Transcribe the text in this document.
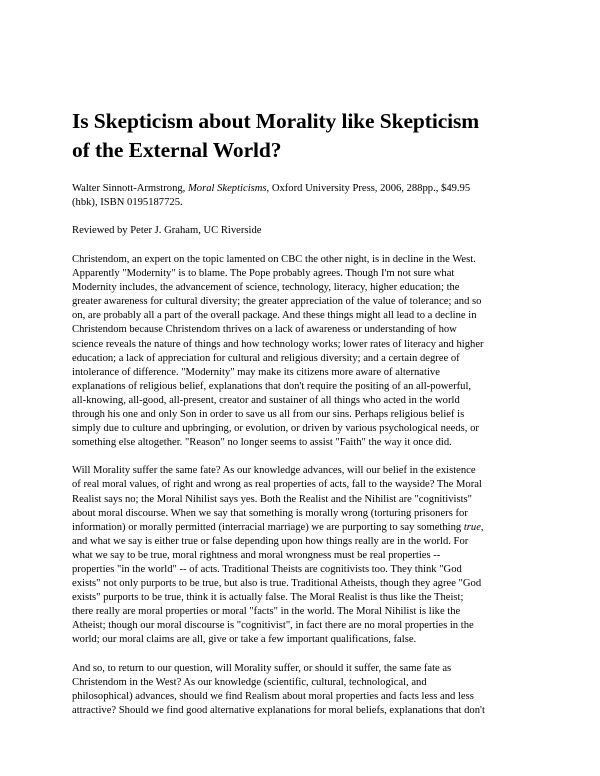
Is Skepticism about Morality like Skepticism
of the External World?
Walter Sinnott-Armstrong, Moral Skepticisms, Oxford University Press, 2006, 288pp., $49.95
(hbk), ISBN 0195187725.
Reviewed by Peter J. Graham, UC Riverside
Christendom, an expert on the topic lamented on CBC the other night, is in decline in the West.
Apparently "Modernity" is to blame. The Pope probably agrees. Though I'm not sure what
Modernity includes, the advancement of science, technology, literacy, higher education; the
greater awareness for cultural diversity; the greater appreciation of the value of tolerance; and so
on, are probably all a part of the overall package. And these things might all lead to a decline in
Christendom because Christendom thrives on a lack of awareness or understanding of how
science reveals the nature of things and how technology works; lower rates of literacy and higher
education; a lack of appreciation for cultural and religious diversity; and a certain degree of
intolerance of difference. "Modernity" may make its citizens more aware of alternative
explanations of religious belief, explanations that don't require the positing of an all-powerful,
all-knowing, all-good, all-present, creator and sustainer of all things who acted in the world
through his one and only Son in order to save us all from our sins. Perhaps religious belief is
simply due to culture and upbringing, or evolution, or driven by various psychological needs, or
something else altogether. "Reason" no longer seems to assist "Faith" the way it once did.
Will Morality suffer the same fate? As our knowledge advances, will our belief in the existence
of real moral values, of right and wrong as real properties of acts, fall to the wayside? The Moral
Realist says no; the Moral Nihilist says yes. Both the Realist and the Nihilist are "cognitivists"
about moral discourse. When we say that something is morally wrong (torturing prisoners for
information) or morally permitted (interracial marriage) we are purporting to say something true,
and what we say is either true or false depending upon how things really are in the world. For
what we say to be true, moral rightness and moral wrongness must be real properties --
properties "in the world" -- of acts. Traditional Theists are cognitivists too. They think "God
exists" not only purports to be true, but also is true. Traditional Atheists, though they agree "God
exists" purports to be true, think it is actually false. The Moral Realist is thus like the Theist;
there really are moral properties or moral "facts" in the world. The Moral Nihilist is like the
Atheist; though our moral discourse is "cognitivist", in fact there are no moral properties in the
world; our moral claims are all, give or take a few important qualifications, false.
And so, to return to our question, will Morality suffer, or should it suffer, the same fate as
Christendom in the West? As our knowledge (scientific, cultural, technological, and
philosophical) advances, should we find Realism about moral properties and facts less and less
attractive? Should we find good alternative explanations for moral beliefs, explanations that don't
